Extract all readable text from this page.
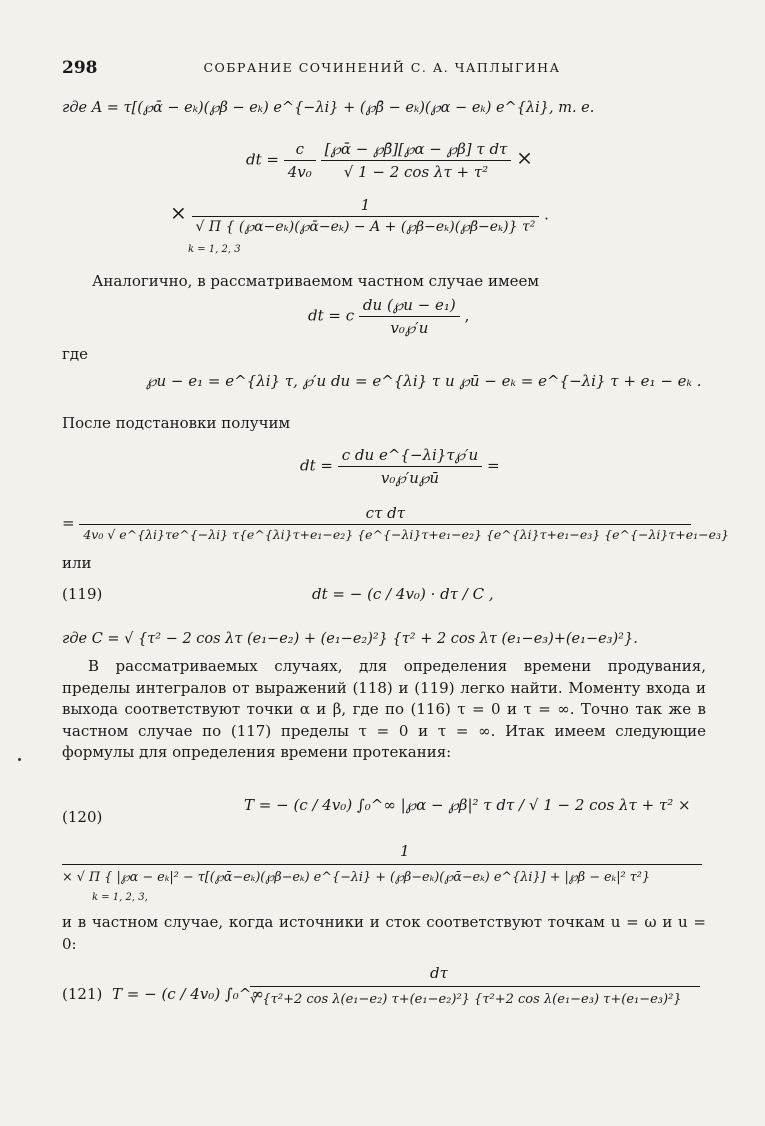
298	СОБРАНИЕ СОЧИНЕНИЙ С. А. ЧАПЛЫГИНА
где A = τ[(℘ᾱ − eₖ)(℘β − eₖ) e^{−λi} + (℘β̄ − eₖ)(℘α − eₖ) e^{λi}, т. е.
dt = $\frac{c}{\text{4v₀}}$
$\frac{\text{[℘ᾱ − ℘β̄][℘α − ℘β] τ dτ}}{\text{√ 1 − 2 cos λτ + τ²}}$ ×
× $\frac{1}{\text{√ Π \{ (℘α−eₖ)(℘ᾱ−eₖ) − A + (℘β−eₖ)(℘β̄−eₖ)\} τ²}}$ .
k = 1, 2, 3
Аналогично, в рассматриваемом частном случае имеем
dt = c $\frac{\text{du (℘u − e₁)}}{\text{v₀℘′u}}$ ,
где
℘u − e₁ = e^{λi} τ, ℘′u du = e^{λi} τ и ℘ū − eₖ = e^{−λi} τ + e₁ − eₖ .
После подстановки получим
dt = $\frac{\text{c du e\textasciicircum{}\{−λi\}τ℘′u}}{\text{v₀℘′u℘ū}}$ =
=
cτ dτ
4v₀ √ e^{λi}τe^{−λi} τ{e^{λi}τ+e₁−e₂} {e^{−λi}τ+e₁−e₂} {e^{λi}τ+e₁−e₃} {e^{−λi}τ+e₁−e₃}
или
(119)	dt = − (c / 4v₀) · dτ / C ,
где C = √ {τ² − 2 cos λτ (e₁−e₂) + (e₁−e₂)²} {τ² + 2 cos λτ (e₁−e₃)+(e₁−e₃)²}.
В рассматриваемых случаях, для определения времени продувания, пределы интегралов от выражений (118) и (119) легко найти. Моменту входа и выхода соответствуют точки α и β, где по (116) τ = 0 и τ = ∞. Точно так же в частном случае по (117) пределы τ = 0 и τ = ∞. Итак имеем следующие формулы для определения времени протекания:
(120)
T = − (c / 4v₀) ∫₀^∞ |℘α − ℘β|² τ dτ / √ 1 − 2 cos λτ + τ² ×
1
× √ Π { |℘α − eₖ|² − τ[(℘ᾱ−eₖ)(℘β−eₖ) e^{−λi} + (℘β−eₖ)(℘ᾱ−eₖ) e^{λi}] + |℘β − eₖ|² τ²}
k = 1, 2, 3,
и в частном случае, когда источники и сток соответствуют точкам u = ω и u = 0:
(121) T = − (c / 4v₀) ∫₀^∞
dτ
√ {τ²+2 cos λ(e₁−e₂) τ+(e₁−e₂)²} {τ²+2 cos λ(e₁−e₃) τ+(e₁−e₃)²}
